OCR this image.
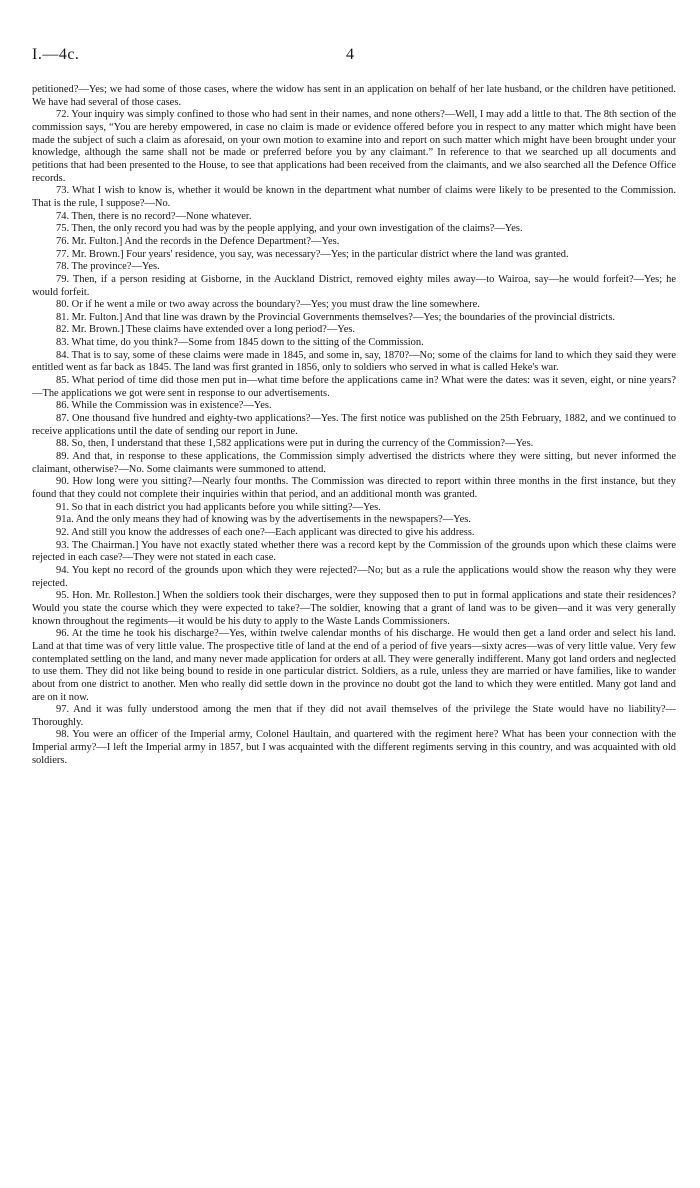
I.—4c.	4

petitioned?—Yes; we had some of those cases, where the widow has sent in an application on behalf of her late husband, or the children have petitioned. We have had several of those cases.

72. Your inquiry was simply confined to those who had sent in their names, and none others?—Well, I may add a little to that. The 8th section of the commission says, “You are hereby empowered, in case no claim is made or evidence offered before you in respect to any matter which might have been made the subject of such a claim as aforesaid, on your own motion to examine into and report on such matter which might have been brought under your knowledge, although the same shall not be made or preferred before you by any claimant.” In reference to that we searched up all documents and petitions that had been presented to the House, to see that applications had been received from the claimants, and we also searched all the Defence Office records.

73. What I wish to know is, whether it would be known in the department what number of claims were likely to be presented to the Commission. That is the rule, I suppose?—No.

74. Then, there is no record?—None whatever.

75. Then, the only record you had was by the people applying, and your own investigation of the claims?—Yes.

76. Mr. Fulton.] And the records in the Defence Department?—Yes.

77. Mr. Brown.] Four years' residence, you say, was necessary?—Yes; in the particular district where the land was granted.

78. The province?—Yes.

79. Then, if a person residing at Gisborne, in the Auckland District, removed eighty miles away—to Wairoa, say—he would forfeit?—Yes; he would forfeit.

80. Or if he went a mile or two away across the boundary?—Yes; you must draw the line somewhere.

81. Mr. Fulton.] And that line was drawn by the Provincial Governments themselves?—Yes; the boundaries of the provincial districts.

82. Mr. Brown.] These claims have extended over a long period?—Yes.

83. What time, do you think?—Some from 1845 down to the sitting of the Commission.

84. That is to say, some of these claims were made in 1845, and some in, say, 1870?—No; some of the claims for land to which they said they were entitled went as far back as 1845. The land was first granted in 1856, only to soldiers who served in what is called Heke's war.

85. What period of time did those men put in—what time before the applications came in? What were the dates: was it seven, eight, or nine years?—The applications we got were sent in response to our advertisements.

86. While the Commission was in existence?—Yes.

87. One thousand five hundred and eighty-two applications?—Yes. The first notice was published on the 25th February, 1882, and we continued to receive applications until the date of sending our report in June.

88. So, then, I understand that these 1,582 applications were put in during the currency of the Commission?—Yes.

89. And that, in response to these applications, the Commission simply advertised the districts where they were sitting, but never informed the claimant, otherwise?—No. Some claimants were summoned to attend.

90. How long were you sitting?—Nearly four months. The Commission was directed to report within three months in the first instance, but they found that they could not complete their inquiries within that period, and an additional month was granted.

91. So that in each district you had applicants before you while sitting?—Yes.

91a. And the only means they had of knowing was by the advertisements in the newspapers?—Yes.

92. And still you know the addresses of each one?—Each applicant was directed to give his address.

93. The Chairman.] You have not exactly stated whether there was a record kept by the Commission of the grounds upon which these claims were rejected in each case?—They were not stated in each case.

94. You kept no record of the grounds upon which they were rejected?—No; but as a rule the applications would show the reason why they were rejected.

95. Hon. Mr. Rolleston.] When the soldiers took their discharges, were they supposed then to put in formal applications and state their residences? Would you state the course which they were expected to take?—The soldier, knowing that a grant of land was to be given—and it was very generally known throughout the regiments—it would be his duty to apply to the Waste Lands Commissioners.

96. At the time he took his discharge?—Yes, within twelve calendar months of his discharge. He would then get a land order and select his land. Land at that time was of very little value. The prospective title of land at the end of a period of five years—sixty acres—was of very little value. Very few contemplated settling on the land, and many never made application for orders at all. They were generally indifferent. Many got land orders and neglected to use them. They did not like being bound to reside in one particular district. Soldiers, as a rule, unless they are married or have families, like to wander about from one district to another. Men who really did settle down in the province no doubt got the land to which they were entitled. Many got land and are on it now.

97. And it was fully understood among the men that if they did not avail themselves of the privilege the State would have no liability?—Thoroughly.

98. You were an officer of the Imperial army, Colonel Haultain, and quartered with the regiment here? What has been your connection with the Imperial army?—I left the Imperial army in 1857, but I was acquainted with the different regiments serving in this country, and was acquainted with old soldiers.
